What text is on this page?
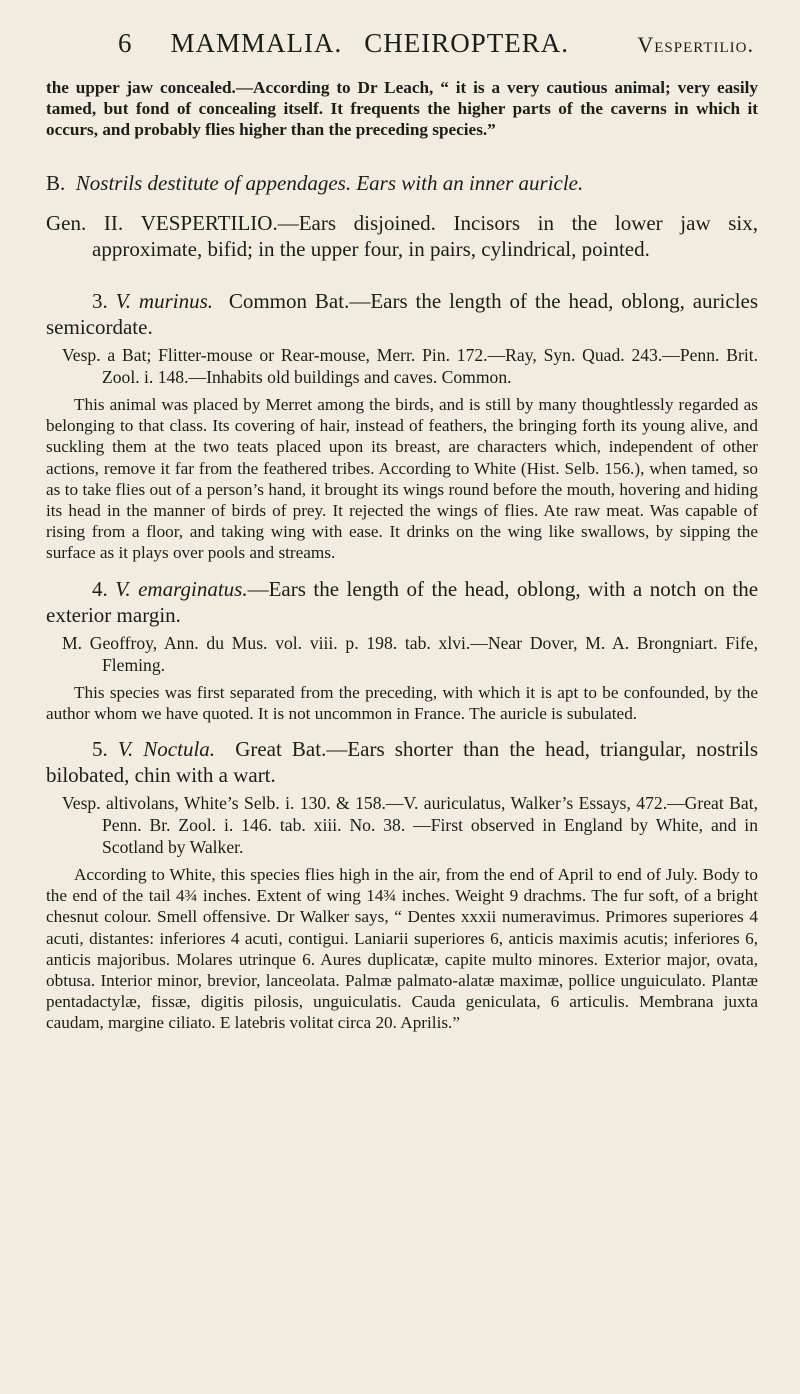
6 MAMMALIA. CHEIROPTERA.	Vespertilio.

the upper jaw concealed.—According to Dr Leach, “ it is a very cautious animal; very easily tamed, but fond of concealing itself. It frequents the higher parts of the caverns in which it occurs, and probably flies higher than the preceding species.”

B. Nostrils destitute of appendages. Ears with an inner auricle.

Gen. II. VESPERTILIO.—Ears disjoined. Incisors in the lower jaw six, approximate, bifid; in the upper four, in pairs, cylindrical, pointed.

3. V. murinus. Common Bat.—Ears the length of the head, oblong, auricles semicordate.

Vesp. a Bat; Flitter-mouse or Rear-mouse, Merr. Pin. 172.—Ray, Syn. Quad. 243.—Penn. Brit. Zool. i. 148.—Inhabits old buildings and caves. Common.

This animal was placed by Merret among the birds, and is still by many thoughtlessly regarded as belonging to that class. Its covering of hair, instead of feathers, the bringing forth its young alive, and suckling them at the two teats placed upon its breast, are characters which, independent of other actions, remove it far from the feathered tribes. According to White (Hist. Selb. 156.), when tamed, so as to take flies out of a person’s hand, it brought its wings round before the mouth, hovering and hiding its head in the manner of birds of prey. It rejected the wings of flies. Ate raw meat. Was capable of rising from a floor, and taking wing with ease. It drinks on the wing like swallows, by sipping the surface as it plays over pools and streams.

4. V. emarginatus.—Ears the length of the head, oblong, with a notch on the exterior margin.

M. Geoffroy, Ann. du Mus. vol. viii. p. 198. tab. xlvi.—Near Dover, M. A. Brongniart. Fife, Fleming.

This species was first separated from the preceding, with which it is apt to be confounded, by the author whom we have quoted. It is not uncommon in France. The auricle is subulated.

5. V. Noctula. Great Bat.—Ears shorter than the head, triangular, nostrils bilobated, chin with a wart.

Vesp. altivolans, White’s Selb. i. 130. & 158.—V. auriculatus, Walker’s Essays, 472.—Great Bat, Penn. Br. Zool. i. 146. tab. xiii. No. 38. —First observed in England by White, and in Scotland by Walker.

According to White, this species flies high in the air, from the end of April to end of July. Body to the end of the tail 4¾ inches. Extent of wing 14¾ inches. Weight 9 drachms. The fur soft, of a bright chesnut colour. Smell offensive. Dr Walker says, “ Dentes xxxii numeravimus. Primores superiores 4 acuti, distantes: inferiores 4 acuti, contigui. Laniarii superiores 6, anticis maximis acutis; inferiores 6, anticis majoribus. Molares utrinque 6. Aures duplicatæ, capite multo minores. Exterior major, ovata, obtusa. Interior minor, brevior, lanceolata. Palmæ palmato-alatæ maximæ, pollice unguiculato. Plantæ pentadactylæ, fissæ, digitis pilosis, unguiculatis. Cauda geniculata, 6 articulis. Membrana juxta caudam, margine ciliato. E latebris volitat circa 20. Aprilis.”
